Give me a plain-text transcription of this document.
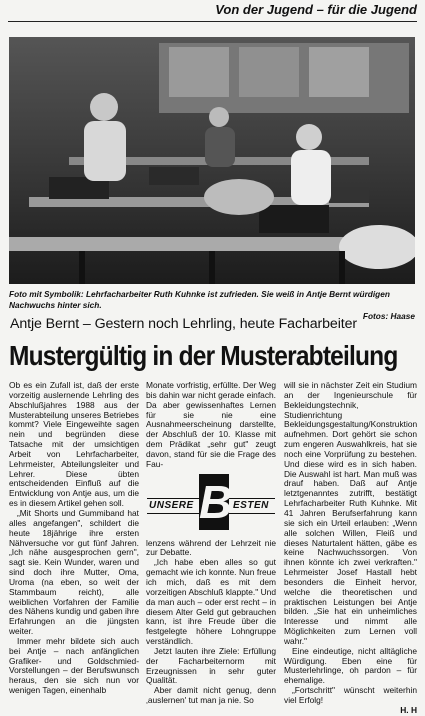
Von der Jugend – für die Jugend
Foto mit Symbolik: Lehrfacharbeiter Ruth Kuhnke ist zufrieden. Sie weiß in Antje Bernt würdigen Nachwuchs hinter sich.
Fotos: Haase
Antje Bernt – Gestern noch Lehrling, heute Facharbeiter
Mustergültig in der Musterabteilung

Ob es ein Zufall ist, daß der erste vorzeitig auslernende Lehrling des Abschlußjahres 1988 aus der Musterabteilung unseres Betriebes kommt? Viele Eingeweihte sagen nein und begründen diese Tatsache mit der umsichtigen Arbeit von Lehrfacharbeiter, Lehrmeister, Abteilungsleiter und Lehrer. Diese übten entscheidenden Einfluß auf die Entwicklung von Antje aus, um die es in diesem Artikel gehen soll.

„Mit Shorts und Gummiband hat alles angefangen", schildert die heute 18jährige ihre ersten Nähversuche vor gut fünf Jahren. „Ich nähe ausgesprochen gern", sagt sie. Kein Wunder, waren und sind doch ihre Mutter, Oma, Uroma (na eben, so weit der Stammbaum reicht), alle weiblichen Vorfahren der Familie des Nähens kundig und gaben ihre Erfahrungen an die jüngsten weiter.

Immer mehr bildete sich auch bei Antje – nach anfänglichen Grafiker- und Goldschmied-Vorstellungen – der Berufswunsch heraus, den sie sich nun vor wenigen Tagen, einenhalb

Monate vorfristig, erfüllte. Der Weg bis dahin war nicht gerade einfach. Da aber gewissenhaftes Lernen für sie nie eine Ausnahmeerscheinung darstellte, der Abschluß der 10. Klasse mit dem Prädikat „sehr gut" zeugt davon, stand für sie die Frage des Fau-

UNSERE B ESTEN

lenzens während der Lehrzeit nie zur Debatte.

„Ich habe eben alles so gut gemacht wie ich konnte. Nun freue ich mich, daß es mit dem vorzeitigen Abschluß klappte." Und da man auch – oder erst recht – in diesem Alter Geld gut gebrauchen kann, ist ihre Freude über die festgelegte höhere Lohngruppe verständlich.

Jetzt lauten ihre Ziele: Erfüllung der Facharbeiternorm mit Erzeugnissen in sehr guter Qualität.

Aber damit nicht genug, denn ‚auslernen' tut man ja nie. So

will sie in nächster Zeit ein Studium an der Ingenieurschule für Bekleidungstechnik, Studienrichtung Bekleidungsgestaltung/Konstruktion aufnehmen. Dort gehört sie schon zum engeren Auswahlkreis, hat sie noch eine Vorprüfung zu bestehen. Und diese wird es in sich haben. Die Auswahl ist hart. Man muß was drauf haben. Daß auf Antje letztgenanntes zutrifft, bestätigt Lehrfacharbeiter Ruth Kuhnke. Mit 41 Jahren Berufserfahrung kann sie sich ein Urteil erlauben: „Wenn alle solchen Willen, Fleiß und dieses Naturtalent hätten, gäbe es keine Nachwuchssorgen. Von ihnen könnte ich zwei verkraften." Lehrmeister Josef Hastall hebt besonders die Einheit hervor, welche die theoretischen und praktischen Leistungen bei Antje bilden. „Sie hat ein unheimliches Interesse und nimmt alle Möglichkeiten zum Lernen voll wahr."

Eine eindeutige, nicht alltägliche Würdigung. Eben eine für Musterlehrlinge, oh pardon – für ehemalige.

„Fortschritt" wünscht weiterhin viel Erfolg!

H. H
